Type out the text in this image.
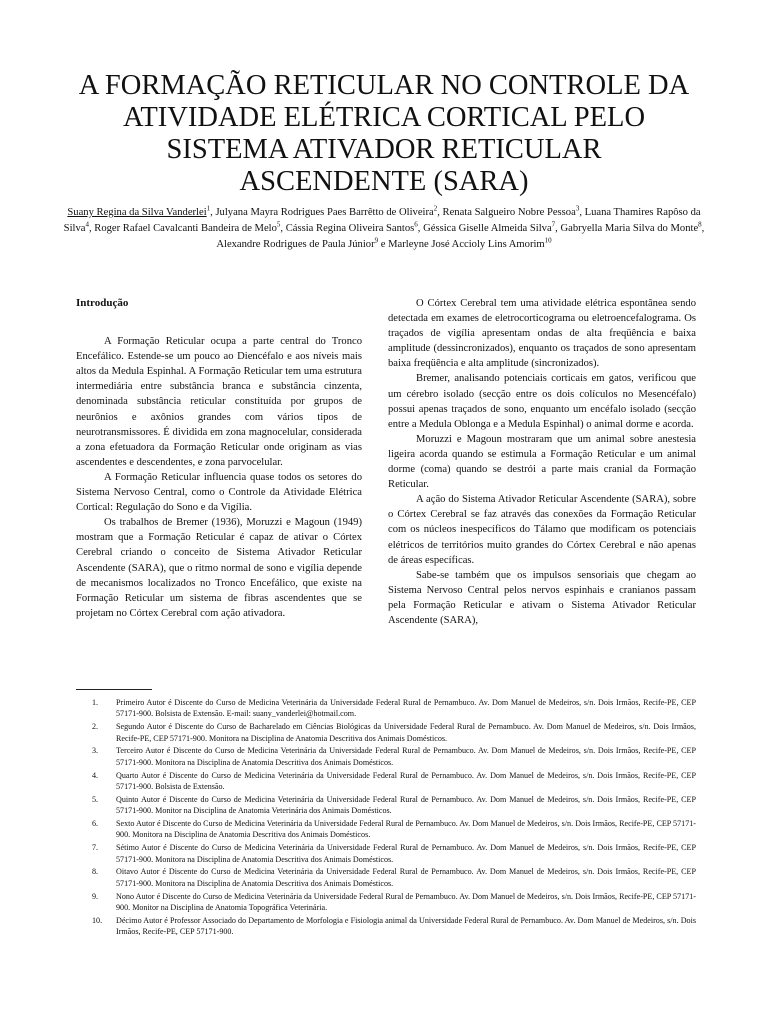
A FORMAÇÃO RETICULAR NO CONTROLE DA
ATIVIDADE ELÉTRICA CORTICAL PELO
SISTEMA ATIVADOR RETICULAR
ASCENDENTE (SARA)
Suany Regina da Silva Vanderlei$^1$, Julyana Mayra Rodrigues Paes Barrêtto de Oliveira$^2$, Renata Salgueiro Nobre Pessoa$^3$, Luana Thamires Rapôso da Silva$^4$, Roger Rafael Cavalcanti Bandeira de Melo$^5$, Cássia Regina Oliveira Santos$^6$, Géssica Giselle Almeida Silva$^7$, Gabryella Maria Silva do Monte$^8$, Alexandre Rodrigues de Paula Júnior$^9$ e Marleyne José Accioly Lins Amorim$^{10}$
Introdução

A Formação Reticular ocupa a parte central do Tronco Encefálico. Estende-se um pouco ao Diencéfalo e aos níveis mais altos da Medula Espinhal. A Formação Reticular tem uma estrutura intermediária entre substância branca e substância cinzenta, denominada substância reticular constituída por grupos de neurônios e axônios grandes com vários tipos de neurotransmissores. É dividida em zona magnocelular, considerada a zona efetuadora da Formação Reticular onde originam as vias ascendentes e descendentes, e zona parvocelular.

A Formação Reticular influencia quase todos os setores do Sistema Nervoso Central, como o Controle da Atividade Elétrica Cortical: Regulação do Sono e da Vigília.

Os trabalhos de Bremer (1936), Moruzzi e Magoun (1949) mostram que a Formação Reticular é capaz de ativar o Córtex Cerebral criando o conceito de Sistema Ativador Reticular Ascendente (SARA), que o ritmo normal de sono e vigília depende de mecanismos localizados no Tronco Encefálico, que existe na Formação Reticular um sistema de fibras ascendentes que se projetam no Córtex Cerebral com ação ativadora.

O Córtex Cerebral tem uma atividade elétrica espontânea sendo detectada em exames de eletrocorticograma ou eletroencefalograma. Os traçados de vigília apresentam ondas de alta freqüência e baixa amplitude (dessincronizados), enquanto os traçados de sono apresentam baixa freqüência e alta amplitude (sincronizados).

Bremer, analisando potenciais corticais em gatos, verificou que um cérebro isolado (secção entre os dois colículos no Mesencéfalo) possui apenas traçados de sono, enquanto um encéfalo isolado (secção entre a Medula Oblonga e a Medula Espinhal) o animal dorme e acorda.

Moruzzi e Magoun mostraram que um animal sobre anestesia ligeira acorda quando se estimula a Formação Reticular e um animal dorme (coma) quando se destrói a parte mais cranial da Formação Reticular.

A ação do Sistema Ativador Reticular Ascendente (SARA), sobre o Córtex Cerebral se faz através das conexões da Formação Reticular com os núcleos inespecíficos do Tálamo que modificam os potenciais elétricos de territórios muito grandes do Córtex Cerebral e não apenas de áreas específicas.

Sabe-se também que os impulsos sensoriais que chegam ao Sistema Nervoso Central pelos nervos espinhais e cranianos passam pela Formação Reticular e ativam o Sistema Ativador Reticular Ascendente (SARA),

1.	Primeiro Autor é Discente do Curso de Medicina Veterinária da Universidade Federal Rural de Pernambuco. Av. Dom Manuel de Medeiros, s/n. Dois Irmãos, Recife-PE, CEP 57171-900. Bolsista de Extensão. E-mail: suany_vanderlei@hotmail.com.
2.	Segundo Autor é Discente do Curso de Bacharelado em Ciências Biológicas da Universidade Federal Rural de Pernambuco. Av. Dom Manuel de Medeiros, s/n. Dois Irmãos, Recife-PE, CEP 57171-900. Monitora na Disciplina de Anatomia Descritiva dos Animais Domésticos.
3.	Terceiro Autor é Discente do Curso de Medicina Veterinária da Universidade Federal Rural de Pernambuco. Av. Dom Manuel de Medeiros, s/n. Dois Irmãos, Recife-PE, CEP 57171-900. Monitora na Disciplina de Anatomia Descritiva dos Animais Domésticos.
4.	Quarto Autor é Discente do Curso de Medicina Veterinária da Universidade Federal Rural de Pernambuco. Av. Dom Manuel de Medeiros, s/n. Dois Irmãos, Recife-PE, CEP 57171-900. Bolsista de Extensão.
5.	Quinto Autor é Discente do Curso de Medicina Veterinária da Universidade Federal Rural de Pernambuco. Av. Dom Manuel de Medeiros, s/n. Dois Irmãos, Recife-PE, CEP 57171-900. Monitor na Disciplina de Anatomia Veterinária dos Animais Domésticos.
6.	Sexto Autor é Discente do Curso de Medicina Veterinária da Universidade Federal Rural de Pernambuco. Av. Dom Manuel de Medeiros, s/n. Dois Irmãos, Recife-PE, CEP 57171-900. Monitora na Disciplina de Anatomia Descritiva dos Animais Domésticos.
7.	Sétimo Autor é Discente do Curso de Medicina Veterinária da Universidade Federal Rural de Pernambuco. Av. Dom Manuel de Medeiros, s/n. Dois Irmãos, Recife-PE, CEP 57171-900. Monitora na Disciplina de Anatomia Descritiva dos Animais Domésticos.
8.	Oitavo Autor é Discente do Curso de Medicina Veterinária da Universidade Federal Rural de Pernambuco. Av. Dom Manuel de Medeiros, s/n. Dois Irmãos, Recife-PE, CEP 57171-900. Monitora na Disciplina de Anatomia Descritiva dos Animais Domésticos.
9.	Nono Autor é Discente do Curso de Medicina Veterinária da Universidade Federal Rural de Pernambuco. Av. Dom Manuel de Medeiros, s/n. Dois Irmãos, Recife-PE, CEP 57171-900. Monitor na Disciplina de Anatomia Topográfica Veterinária.
10.	Décimo Autor é Professor Associado do Departamento de Morfologia e Fisiologia animal da Universidade Federal Rural de Pernambuco. Av. Dom Manuel de Medeiros, s/n. Dois Irmãos, Recife-PE, CEP 57171-900.
